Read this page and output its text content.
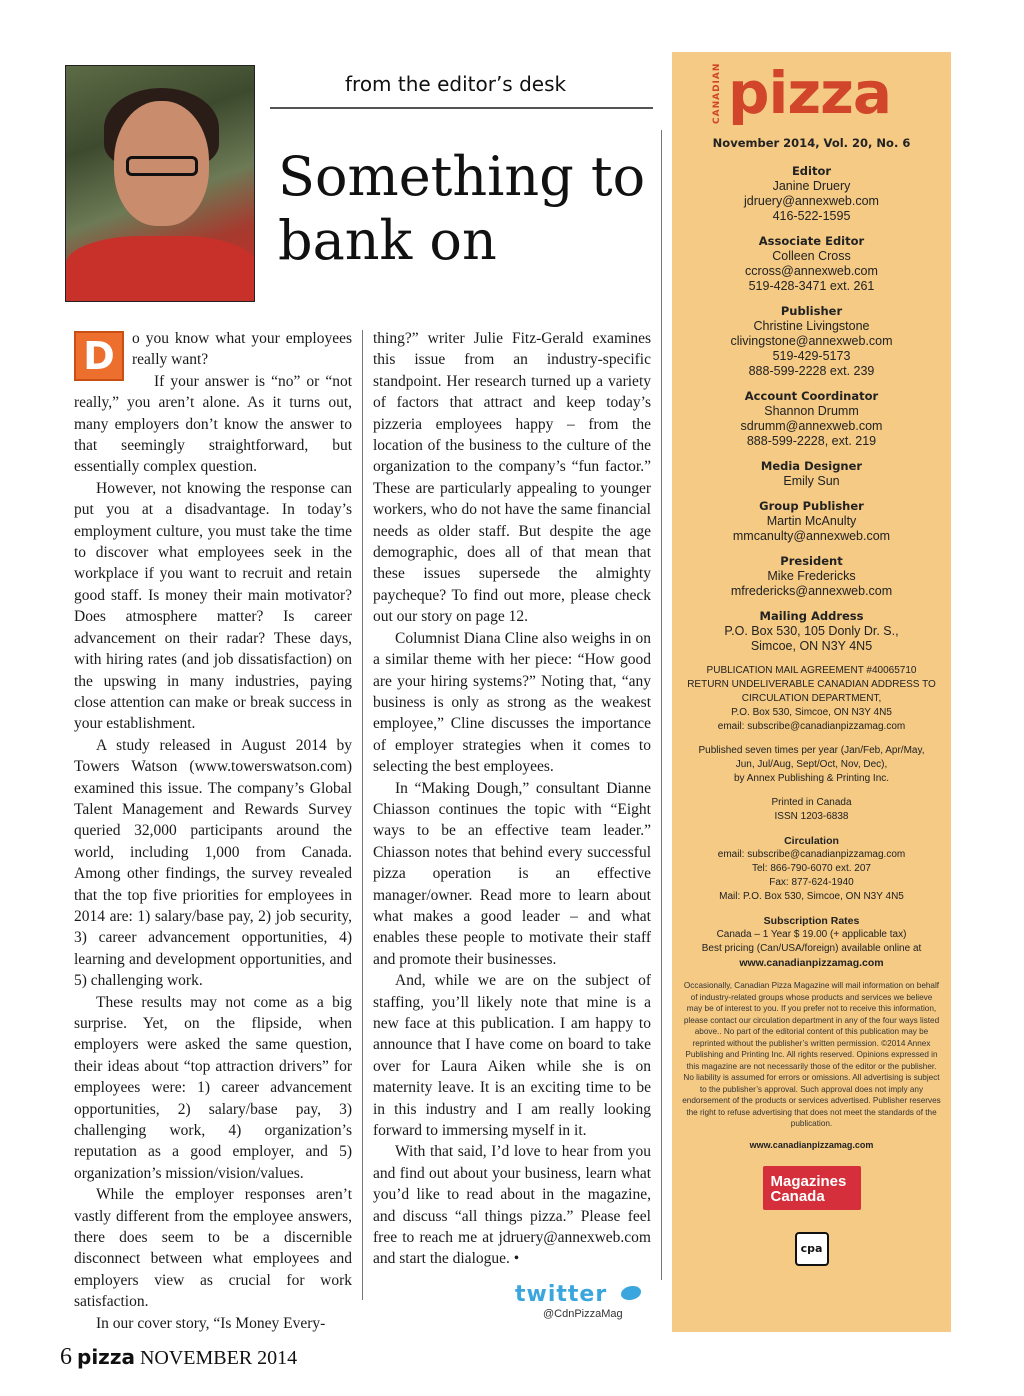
from the editor’s desk
Something to bank on

D	o you know what your employees really want?

If your answer is “no” or “not really,” you aren’t alone. As it turns out, many employers don’t know the answer to that seemingly straightforward, but essentially complex question.

However, not knowing the response can put you at a disadvantage. In today’s employment culture, you must take the time to discover what employees seek in the workplace if you want to recruit and retain good staff. Is money their main motivator? Does atmosphere matter? Is career advancement on their radar? These days, with hiring rates (and job dissatisfaction) on the upswing in many industries, paying close attention can make or break success in your establishment.

A study released in August 2014 by Towers Watson (www.towerswatson.com) examined this issue. The company’s Global Talent Management and Rewards Survey queried 32,000 participants around the world, including 1,000 from Canada. Among other findings, the survey revealed that the top five priorities for employees in 2014 are: 1) salary/base pay, 2) job security, 3) career advancement opportunities, 4) learning and development opportunities, and 5) challenging work.

These results may not come as a big surprise. Yet, on the flipside, when employers were asked the same question, their ideas about “top attraction drivers” for employees were: 1) career advancement opportunities, 2) salary/base pay, 3) challenging work, 4) organization’s reputation as a good employer, and 5) organization’s mission/vision/values.

While the employer responses aren’t vastly different from the employee answers, there does seem to be a discernible disconnect between what employees and employers view as crucial for work satisfaction.

In our cover story, “Is Money Every-

thing?” writer Julie Fitz-Gerald examines this issue from an industry-specific standpoint. Her research turned up a variety of factors that attract and keep today’s pizzeria employees happy – from the location of the business to the culture of the organization to the company’s “fun factor.” These are particularly appealing to younger workers, who do not have the same financial needs as older staff. But despite the age demographic, does all of that mean that these issues supersede the almighty paycheque? To find out more, please check out our story on page 12.

Columnist Diana Cline also weighs in on a similar theme with her piece: “How good are your hiring systems?” Noting that, “any business is only as strong as the weakest employee,” Cline discusses the importance of employer strategies when it comes to selecting the best employees.

In “Making Dough,” consultant Dianne Chiasson continues the topic with “Eight ways to be an effective team leader.” Chiasson notes that behind every successful pizza operation is an effective manager/owner. Read more to learn about what makes a good leader – and what enables these people to motivate their staff and promote their businesses.

And, while we are on the subject of staffing, you’ll likely note that mine is a new face at this publication. I am happy to announce that I have come on board to take over for Laura Aiken while she is on maternity leave. It is an exciting time to be in this industry and I am really looking forward to immersing myself in it.

With that said, I’d love to hear from you and find out about your business, learn what you’d like to read about in the magazine, and discuss “all things pizza.” Please feel free to reach me at jdruery@annexweb.com and start the dialogue. •

twitter
@CdnPizzaMag
6 pizza NOVEMBER 2014
CANADIAN pizza
November 2014, Vol. 20, No. 6
Editor
Janine Druery
jdruery@annexweb.com
416-522-1595
Associate Editor
Colleen Cross
ccross@annexweb.com
519-428-3471 ext. 261
Publisher
Christine Livingstone
clivingstone@annexweb.com
519-429-5173
888-599-2228 ext. 239
Account Coordinator
Shannon Drumm
sdrumm@annexweb.com
888-599-2228, ext. 219
Media Designer
Emily Sun
Group Publisher
Martin McAnulty
mmcanulty@annexweb.com
President
Mike Fredericks
mfredericks@annexweb.com
Mailing Address
P.O. Box 530, 105 Donly Dr. S.,
Simcoe, ON N3Y 4N5
PUBLICATION MAIL AGREEMENT #40065710
RETURN UNDELIVERABLE CANADIAN ADDRESS TO
CIRCULATION DEPARTMENT,
P.O. Box 530, Simcoe, ON N3Y 4N5
email: subscribe@canadianpizzamag.com
Published seven times per year (Jan/Feb, Apr/May,
Jun, Jul/Aug, Sept/Oct, Nov, Dec),
by Annex Publishing & Printing Inc.
Printed in Canada
ISSN 1203-6838
Circulation
email: subscribe@canadianpizzamag.com
Tel: 866-790-6070 ext. 207
Fax: 877-624-1940
Mail: P.O. Box 530, Simcoe, ON N3Y 4N5
Subscription Rates
Canada – 1 Year $ 19.00 (+ applicable tax)
Best pricing (Can/USA/foreign) available online at
www.canadianpizzamag.com
Occasionally, Canadian Pizza Magazine will mail information on behalf of industry-related groups whose products and services we believe may be of interest to you. If you prefer not to receive this information, please contact our circulation department in any of the four ways listed above.. No part of the editorial content of this publication may be reprinted without the publisher’s written permission. ©2014 Annex Publishing and Printing Inc. All rights reserved. Opinions expressed in this magazine are not necessarily those of the editor or the publisher. No liability is assumed for errors or omissions. All advertising is subject to the publisher’s approval. Such approval does not imply any endorsement of the products or services advertised. Publisher reserves the right to refuse advertising that does not meet the standards of the publication.
www.canadianpizzamag.com
Magazines
Canada
cpa
